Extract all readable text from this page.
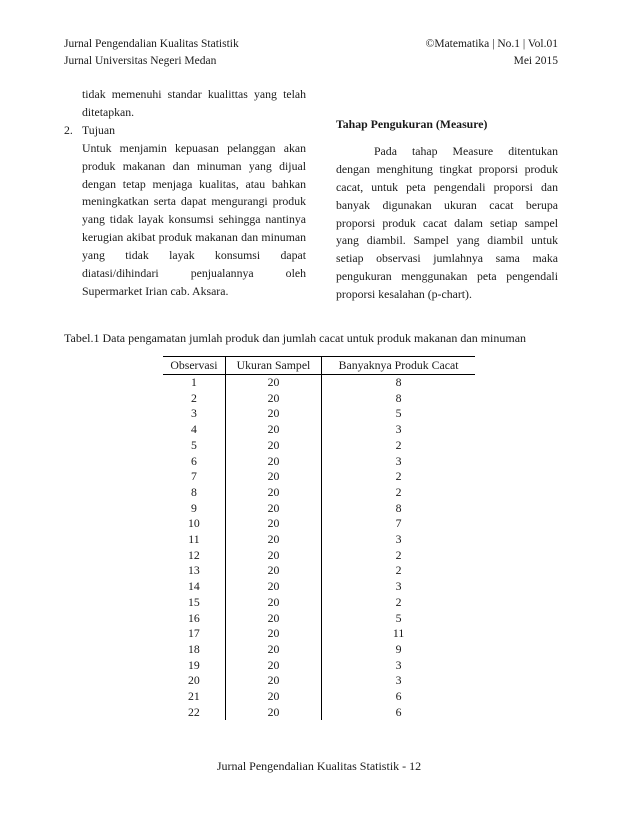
Jurnal Pengendalian Kualitas Statistik
Jurnal Universitas Negeri Medan
©Matematika | No.1 | Vol.01
Mei 2015
tidak memenuhi standar kualittas yang telah ditetapkan.
2. Tujuan
Untuk menjamin kepuasan pelanggan akan produk makanan dan minuman yang dijual dengan tetap menjaga kualitas, atau bahkan meningkatkan serta dapat mengurangi produk yang tidak layak konsumsi sehingga nantinya kerugian akibat produk makanan dan minuman yang tidak layak konsumsi dapat diatasi/dihindari penjualannya oleh Supermarket Irian cab. Aksara.
Tahap Pengukuran (Measure)
Pada tahap Measure ditentukan dengan menghitung tingkat proporsi produk cacat, untuk peta pengendali proporsi dan banyak digunakan ukuran cacat berupa proporsi produk cacat dalam setiap sampel yang diambil. Sampel yang diambil untuk setiap observasi jumlahnya sama maka pengukuran menggunakan peta pengendali proporsi kesalahan (p-chart).
Tabel.1 Data pengamatan jumlah produk dan jumlah cacat untuk produk makanan dan minuman
Observasi	Ukuran Sampel	Banyaknya Produk Cacat
1	20	8
2	20	8
3	20	5
4	20	3
5	20	2
6	20	3
7	20	2
8	20	2
9	20	8
10	20	7
11	20	3
12	20	2
13	20	2
14	20	3
15	20	2
16	20	5
17	20	11
18	20	9
19	20	3
20	20	3
21	20	6
22	20	6
Jurnal Pengendalian Kualitas Statistik - 12
